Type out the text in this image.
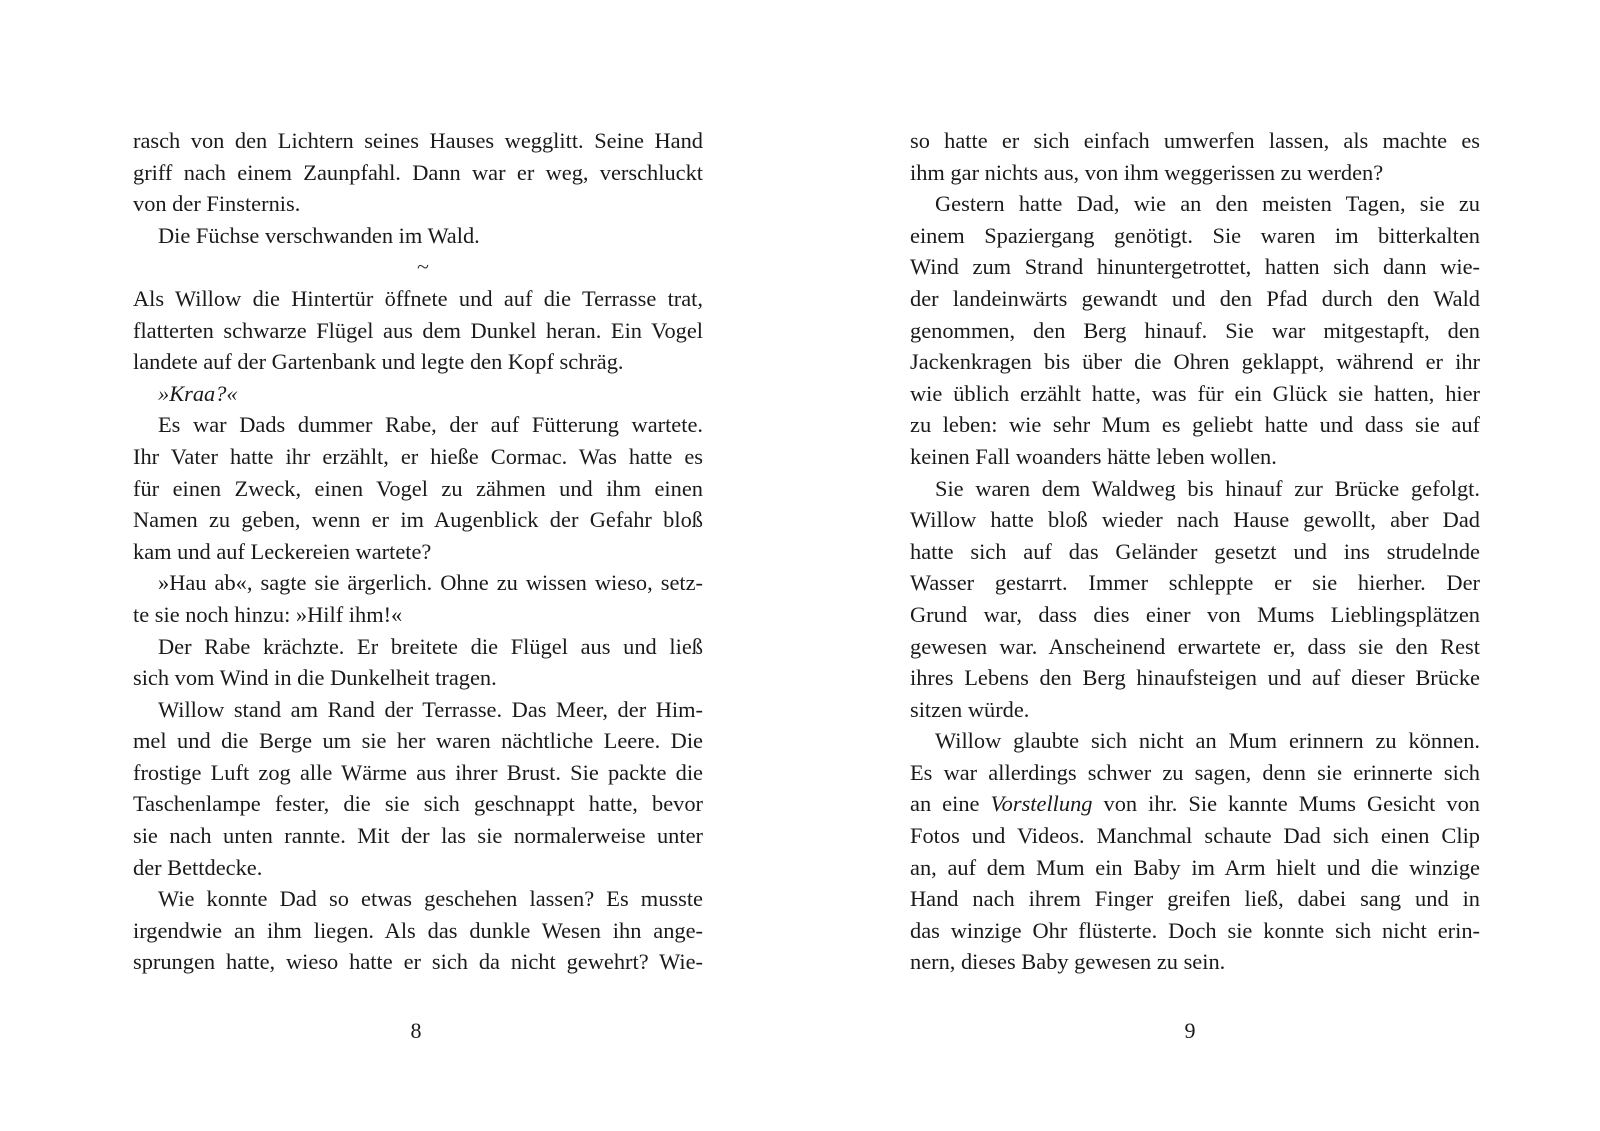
rasch von den Lichtern seines Hauses wegglitt. Seine Hand
griff nach einem Zaunpfahl. Dann war er weg, verschluckt
von der Finsternis.
Die Füchse verschwanden im Wald.
~
Als Willow die Hintertür öffnete und auf die Terrasse trat,
flatterten schwarze Flügel aus dem Dunkel heran. Ein Vogel
landete auf der Gartenbank und legte den Kopf schräg.
»Kraa?«
Es war Dads dummer Rabe, der auf Fütterung wartete.
Ihr Vater hatte ihr erzählt, er hieße Cormac. Was hatte es
für einen Zweck, einen Vogel zu zähmen und ihm einen
Namen zu geben, wenn er im Augenblick der Gefahr bloß
kam und auf Leckereien wartete?
»Hau ab«, sagte sie ärgerlich. Ohne zu wissen wieso, setz-
te sie noch hinzu: »Hilf ihm!«
Der Rabe krächzte. Er breitete die Flügel aus und ließ
sich vom Wind in die Dunkelheit tragen.
Willow stand am Rand der Terrasse. Das Meer, der Him-
mel und die Berge um sie her waren nächtliche Leere. Die
frostige Luft zog alle Wärme aus ihrer Brust. Sie packte die
Taschenlampe fester, die sie sich geschnappt hatte, bevor
sie nach unten rannte. Mit der las sie normalerweise unter
der Bettdecke.
Wie konnte Dad so etwas geschehen lassen? Es musste
irgendwie an ihm liegen. Als das dunkle Wesen ihn ange-
sprungen hatte, wieso hatte er sich da nicht gewehrt? Wie-
8
so hatte er sich einfach umwerfen lassen, als machte es
ihm gar nichts aus, von ihm weggerissen zu werden?
Gestern hatte Dad, wie an den meisten Tagen, sie zu
einem Spaziergang genötigt. Sie waren im bitterkalten
Wind zum Strand hinuntergetrottet, hatten sich dann wie-
der landeinwärts gewandt und den Pfad durch den Wald
genommen, den Berg hinauf. Sie war mitgestapft, den
Jackenkragen bis über die Ohren geklappt, während er ihr
wie üblich erzählt hatte, was für ein Glück sie hatten, hier
zu leben: wie sehr Mum es geliebt hatte und dass sie auf
keinen Fall woanders hätte leben wollen.
Sie waren dem Waldweg bis hinauf zur Brücke gefolgt.
Willow hatte bloß wieder nach Hause gewollt, aber Dad
hatte sich auf das Geländer gesetzt und ins strudelnde
Wasser gestarrt. Immer schleppte er sie hierher. Der
Grund war, dass dies einer von Mums Lieblingsplätzen
gewesen war. Anscheinend erwartete er, dass sie den Rest
ihres Lebens den Berg hinaufsteigen und auf dieser Brücke
sitzen würde.
Willow glaubte sich nicht an Mum erinnern zu können.
Es war allerdings schwer zu sagen, denn sie erinnerte sich
an eine Vorstellung von ihr. Sie kannte Mums Gesicht von
Fotos und Videos. Manchmal schaute Dad sich einen Clip
an, auf dem Mum ein Baby im Arm hielt und die winzige
Hand nach ihrem Finger greifen ließ, dabei sang und in
das winzige Ohr flüsterte. Doch sie konnte sich nicht erin-
nern, dieses Baby gewesen zu sein.
9
